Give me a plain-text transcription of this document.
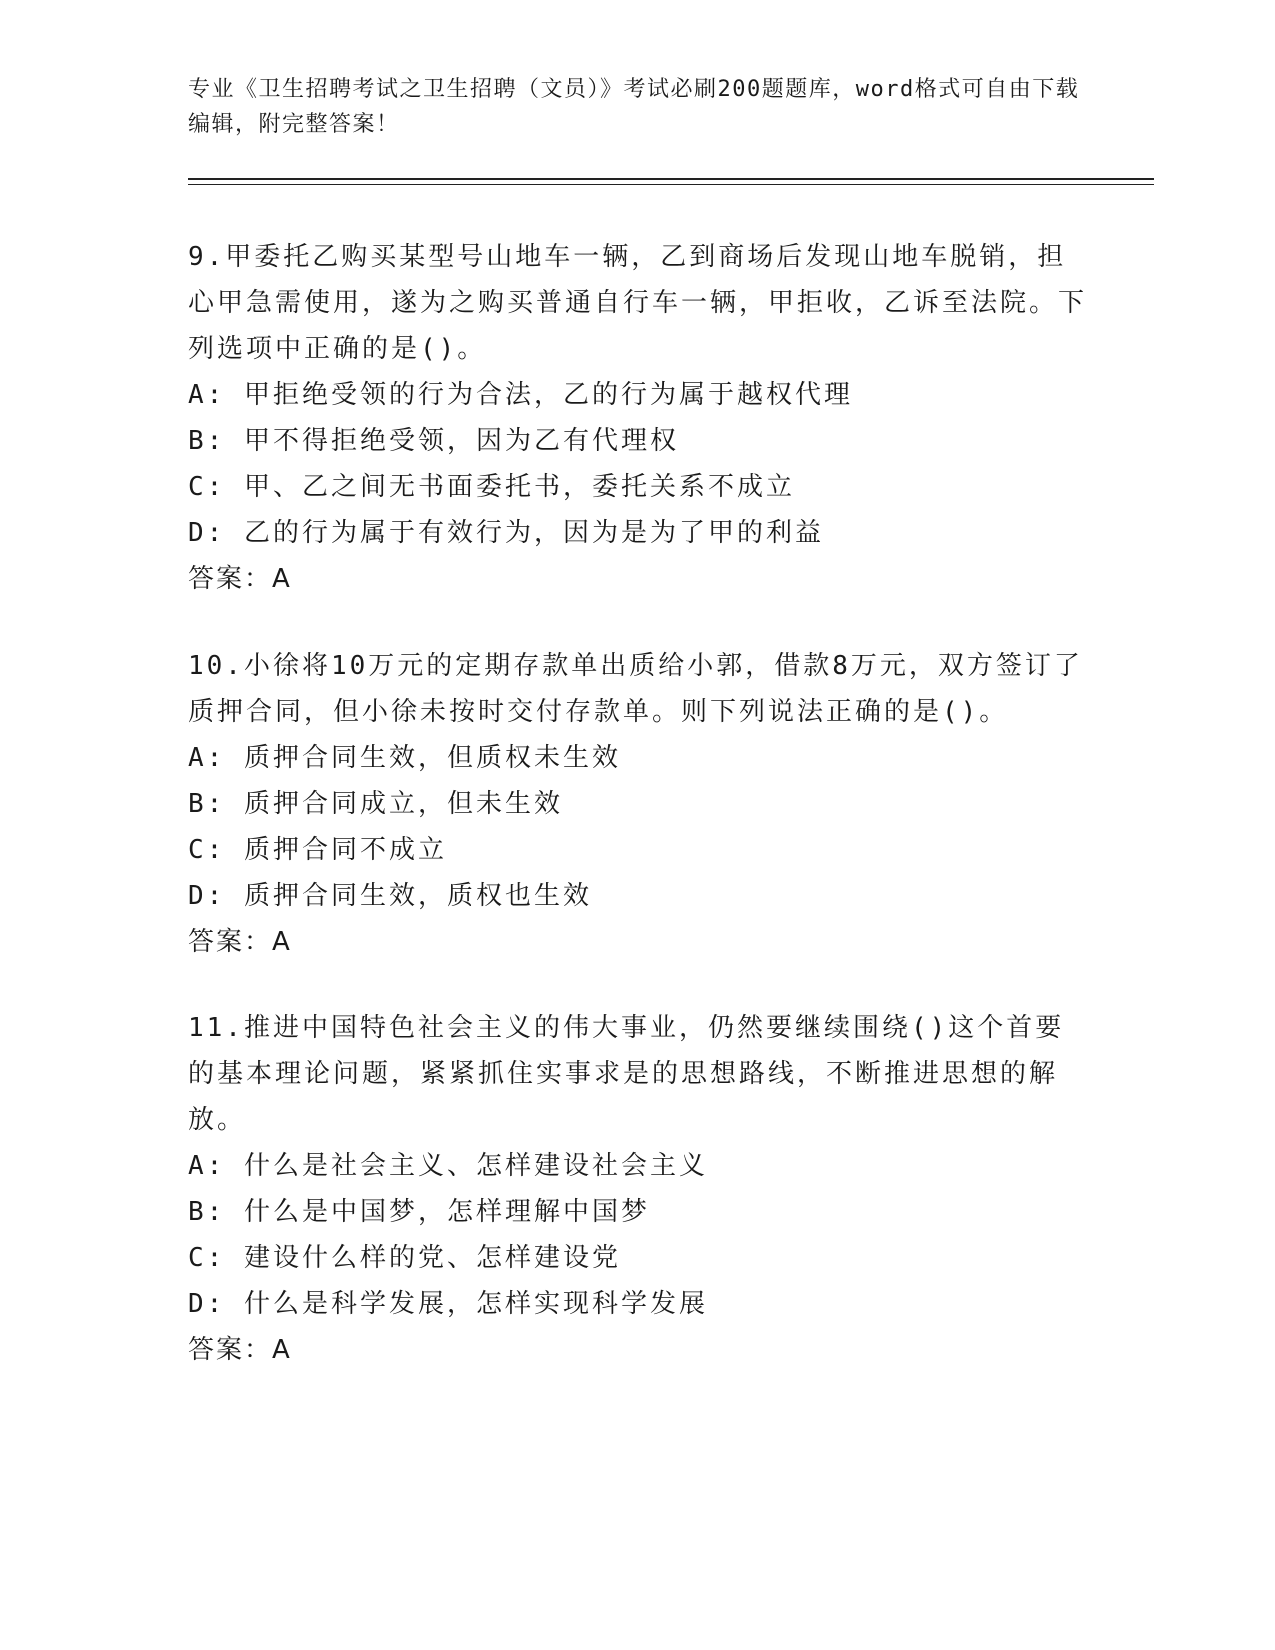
专业《卫生招聘考试之卫生招聘（文员）》考试必刷200题题库，word格式可自由下载编辑，附完整答案！
9.甲委托乙购买某型号山地车一辆，乙到商场后发现山地车脱销，担心甲急需使用，遂为之购买普通自行车一辆，甲拒收，乙诉至法院。下列选项中正确的是()。
A: 甲拒绝受领的行为合法，乙的行为属于越权代理
B: 甲不得拒绝受领，因为乙有代理权
C: 甲、乙之间无书面委托书，委托关系不成立
D: 乙的行为属于有效行为，因为是为了甲的利益
答案：A
10.小徐将10万元的定期存款单出质给小郭，借款8万元，双方签订了质押合同，但小徐未按时交付存款单。则下列说法正确的是()。
A: 质押合同生效，但质权未生效
B: 质押合同成立，但未生效
C: 质押合同不成立
D: 质押合同生效，质权也生效
答案：A
11.推进中国特色社会主义的伟大事业，仍然要继续围绕()这个首要的基本理论问题，紧紧抓住实事求是的思想路线，不断推进思想的解放。
A: 什么是社会主义、怎样建设社会主义
B: 什么是中国梦，怎样理解中国梦
C: 建设什么样的党、怎样建设党
D: 什么是科学发展，怎样实现科学发展
答案：A
